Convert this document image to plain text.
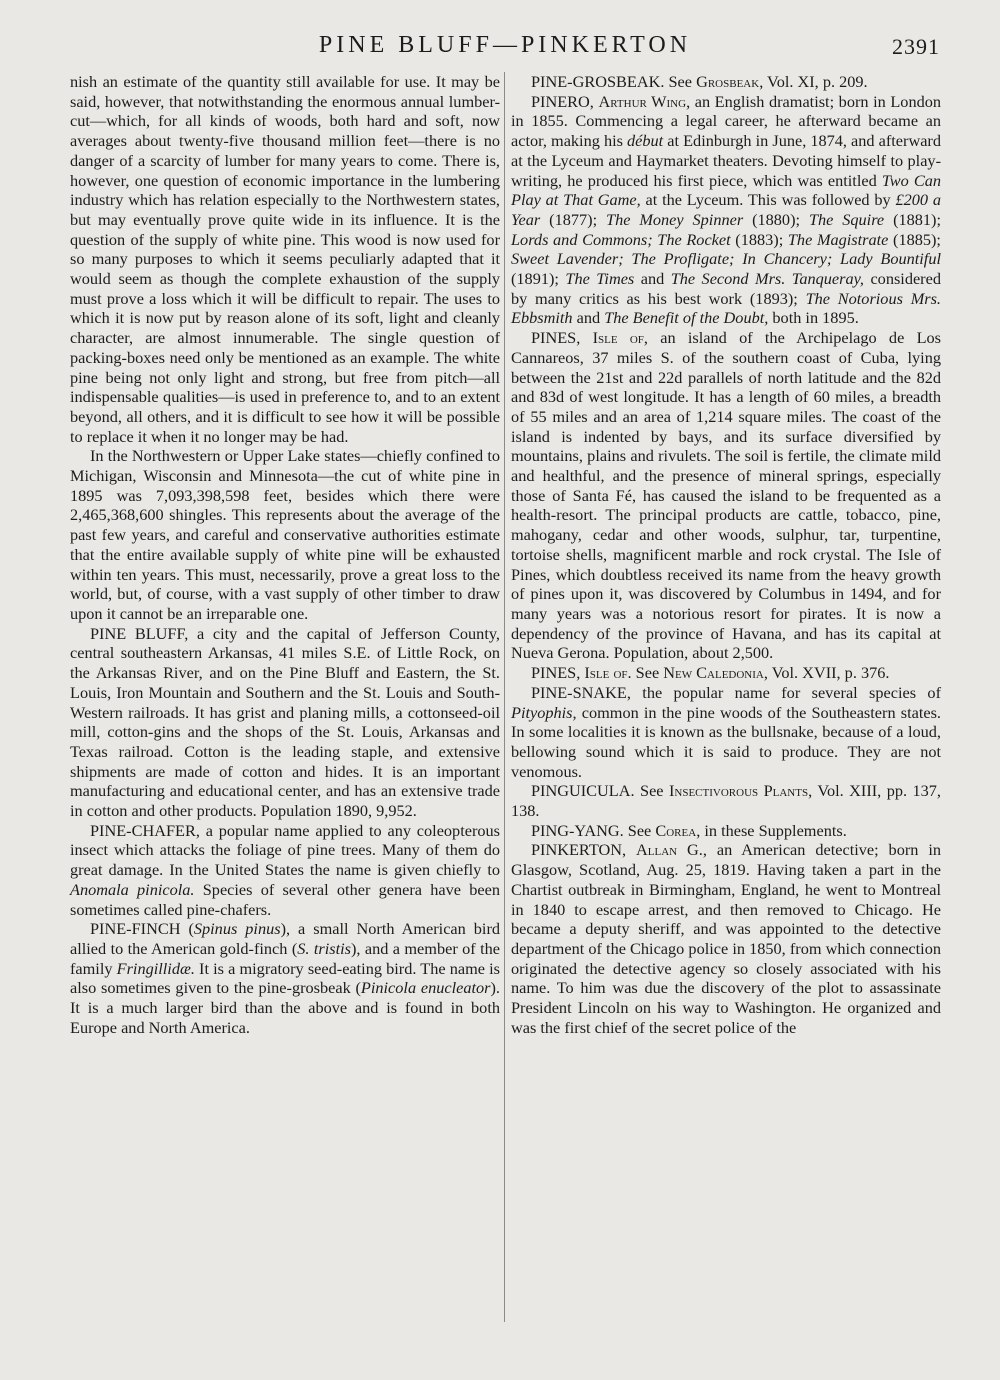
PINE BLUFF—PINKERTON	2391

nish an estimate of the quantity still available for use. It may be said, however, that notwithstanding the enormous annual lumber-cut—which, for all kinds of woods, both hard and soft, now averages about twenty-five thousand million feet—there is no danger of a scarcity of lumber for many years to come. There is, however, one question of economic importance in the lumbering industry which has relation especially to the Northwestern states, but may eventually prove quite wide in its influence. It is the question of the supply of white pine. This wood is now used for so many purposes to which it seems peculiarly adapted that it would seem as though the complete exhaustion of the supply must prove a loss which it will be difficult to repair. The uses to which it is now put by reason alone of its soft, light and cleanly character, are almost innumerable. The single question of packing-boxes need only be mentioned as an example. The white pine being not only light and strong, but free from pitch—all indispensable qualities—is used in preference to, and to an extent beyond, all others, and it is difficult to see how it will be possible to replace it when it no longer may be had.

In the Northwestern or Upper Lake states—chiefly confined to Michigan, Wisconsin and Minnesota—the cut of white pine in 1895 was 7,093,398,598 feet, besides which there were 2,465,368,600 shingles. This represents about the average of the past few years, and careful and conservative authorities estimate that the entire available supply of white pine will be exhausted within ten years. This must, necessarily, prove a great loss to the world, but, of course, with a vast supply of other timber to draw upon it cannot be an irreparable one.

PINE BLUFF, a city and the capital of Jefferson County, central southeastern Arkansas, 41 miles S.E. of Little Rock, on the Arkansas River, and on the Pine Bluff and Eastern, the St. Louis, Iron Mountain and Southern and the St. Louis and South-Western railroads. It has grist and planing mills, a cottonseed-oil mill, cotton-gins and the shops of the St. Louis, Arkansas and Texas railroad. Cotton is the leading staple, and extensive shipments are made of cotton and hides. It is an important manufacturing and educational center, and has an extensive trade in cotton and other products. Population 1890, 9,952.

PINE-CHAFER, a popular name applied to any coleopterous insect which attacks the foliage of pine trees. Many of them do great damage. In the United States the name is given chiefly to Anomala pinicola. Species of several other genera have been sometimes called pine-chafers.

PINE-FINCH (Spinus pinus), a small North American bird allied to the American gold-finch (S. tristis), and a member of the family Fringillidæ. It is a migratory seed-eating bird. The name is also sometimes given to the pine-grosbeak (Pinicola enucleator). It is a much larger bird than the above and is found in both Europe and North America.

PINE-GROSBEAK. See Grosbeak, Vol. XI, p. 209.

PINERO, Arthur Wing, an English dramatist; born in London in 1855. Commencing a legal career, he afterward became an actor, making his début at Edinburgh in June, 1874, and afterward at the Lyceum and Haymarket theaters. Devoting himself to play-writing, he produced his first piece, which was entitled Two Can Play at That Game, at the Lyceum. This was followed by £200 a Year (1877); The Money Spinner (1880); The Squire (1881); Lords and Commons; The Rocket (1883); The Magistrate (1885); Sweet Lavender; The Profligate; In Chancery; Lady Bountiful (1891); The Times and The Second Mrs. Tanqueray, considered by many critics as his best work (1893); The Notorious Mrs. Ebbsmith and The Benefit of the Doubt, both in 1895.

PINES, Isle of, an island of the Archipelago de Los Cannareos, 37 miles S. of the southern coast of Cuba, lying between the 21st and 22d parallels of north latitude and the 82d and 83d of west longitude. It has a length of 60 miles, a breadth of 55 miles and an area of 1,214 square miles. The coast of the island is indented by bays, and its surface diversified by mountains, plains and rivulets. The soil is fertile, the climate mild and healthful, and the presence of mineral springs, especially those of Santa Fé, has caused the island to be frequented as a health-resort. The principal products are cattle, tobacco, pine, mahogany, cedar and other woods, sulphur, tar, turpentine, tortoise shells, magnificent marble and rock crystal. The Isle of Pines, which doubtless received its name from the heavy growth of pines upon it, was discovered by Columbus in 1494, and for many years was a notorious resort for pirates. It is now a dependency of the province of Havana, and has its capital at Nueva Gerona. Population, about 2,500.

PINES, Isle of. See New Caledonia, Vol. XVII, p. 376.

PINE-SNAKE, the popular name for several species of Pityophis, common in the pine woods of the Southeastern states. In some localities it is known as the bullsnake, because of a loud, bellowing sound which it is said to produce. They are not venomous.

PINGUICULA. See Insectivorous Plants, Vol. XIII, pp. 137, 138.

PING-YANG. See Corea, in these Supplements.

PINKERTON, Allan G., an American detective; born in Glasgow, Scotland, Aug. 25, 1819. Having taken a part in the Chartist outbreak in Birmingham, England, he went to Montreal in 1840 to escape arrest, and then removed to Chicago. He became a deputy sheriff, and was appointed to the detective department of the Chicago police in 1850, from which connection originated the detective agency so closely associated with his name. To him was due the discovery of the plot to assassinate President Lincoln on his way to Washington. He organized and was the first chief of the secret police of the
